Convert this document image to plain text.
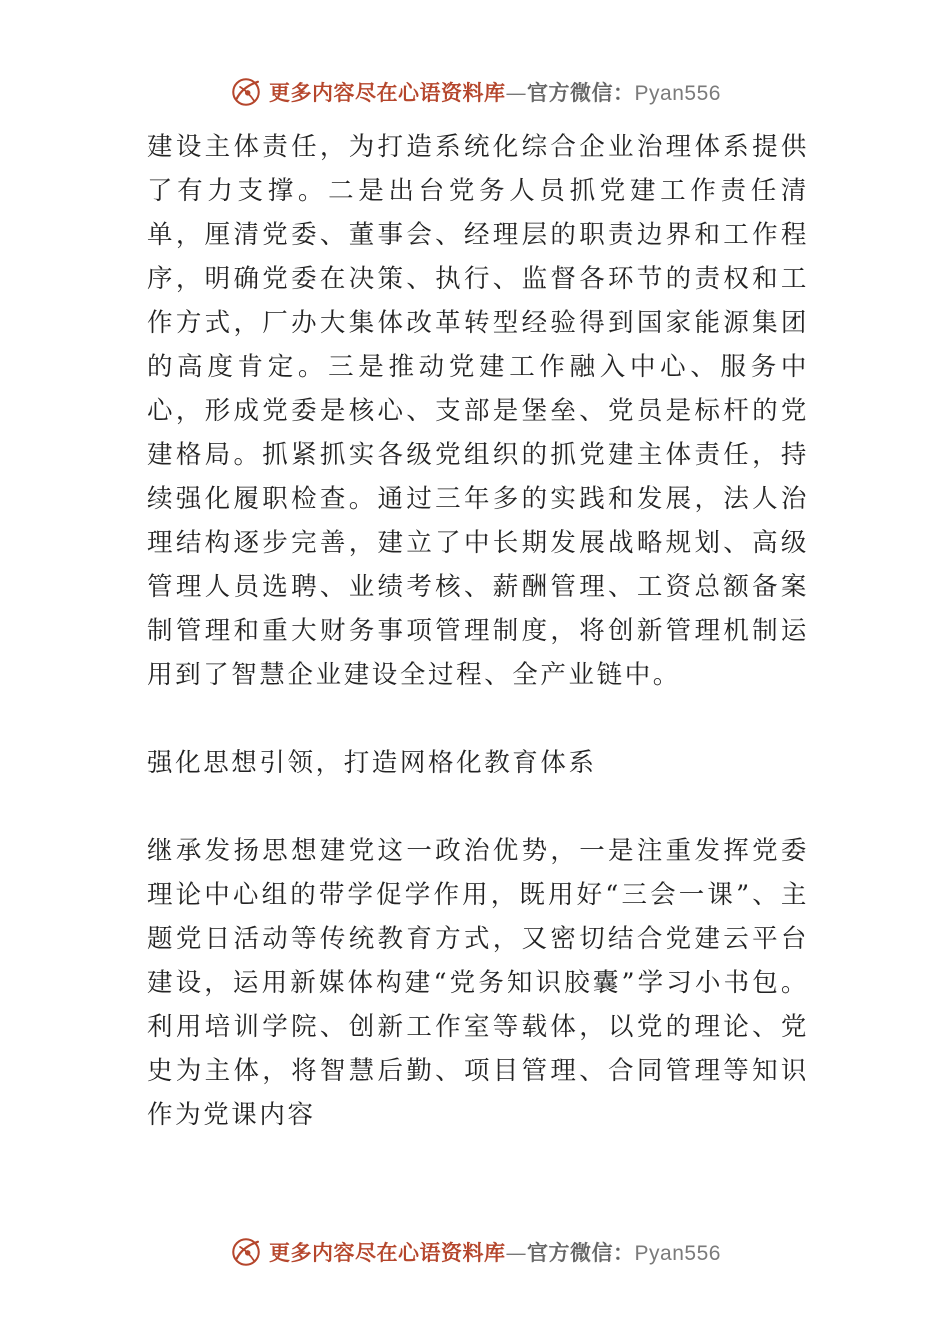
更多内容尽在心语资料库—官方微信：Pyan556

建设主体责任，为打造系统化综合企业治理体系提供了有力支撑。二是出台党务人员抓党建工作责任清单，厘清党委、董事会、经理层的职责边界和工作程序，明确党委在决策、执行、监督各环节的责权和工作方式，厂办大集体改革转型经验得到国家能源集团的高度肯定。三是推动党建工作融入中心、服务中心，形成党委是核心、支部是堡垒、党员是标杆的党建格局。抓紧抓实各级党组织的抓党建主体责任，持续强化履职检查。通过三年多的实践和发展，法人治理结构逐步完善，建立了中长期发展战略规划、高级管理人员选聘、业绩考核、薪酬管理、工资总额备案制管理和重大财务事项管理制度，将创新管理机制运用到了智慧企业建设全过程、全产业链中。

强化思想引领，打造网格化教育体系

继承发扬思想建党这一政治优势，一是注重发挥党委理论中心组的带学促学作用，既用好“三会一课”、主题党日活动等传统教育方式，又密切结合党建云平台建设，运用新媒体构建“党务知识胶囊”学习小书包。利用培训学院、创新工作室等载体，以党的理论、党史为主体，将智慧后勤、项目管理、合同管理等知识作为党课内容

更多内容尽在心语资料库—官方微信：Pyan556
